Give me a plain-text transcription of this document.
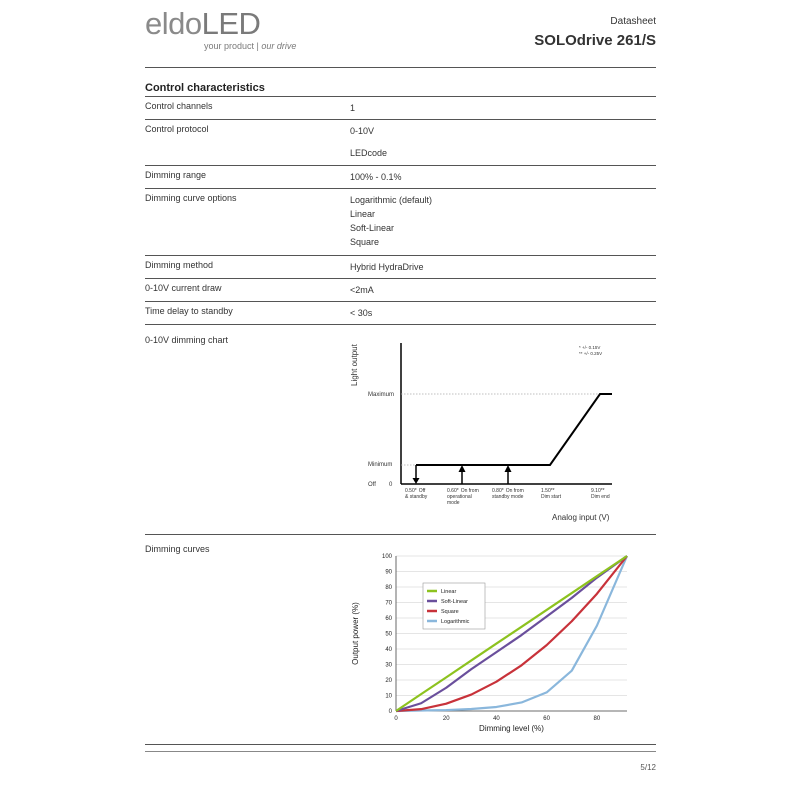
eldoLED
your product | our drive
Datasheet
SOLOdrive 261/S
Control characteristics
Control channels	1
Control protocol	0-10V
LEDcode
Dimming range	100% - 0.1%
Dimming curve options	Logarithmic (default)
Linear
Soft-Linear
Square
Dimming method	Hybrid HydraDrive
0-10V current draw	<2mA
Time delay to standby	< 30s
0-10V dimming chart
Light output
Maximum
Minimum
Off 0
* +/- 0.15V
** +/- 0.25V
0.50* Off & standby
0.60* On from operational mode
0.80* On from standby mode
1.50** Dim start
9.10** Dim end
Analog input (V)
Dimming curves
0
10
20
30
40
50
60
70
80
90
100
0	20	40	60	80
Dimming level (%)
Output power (%)
Linear
Soft-Linear
Square
Logarithmic
5/12
